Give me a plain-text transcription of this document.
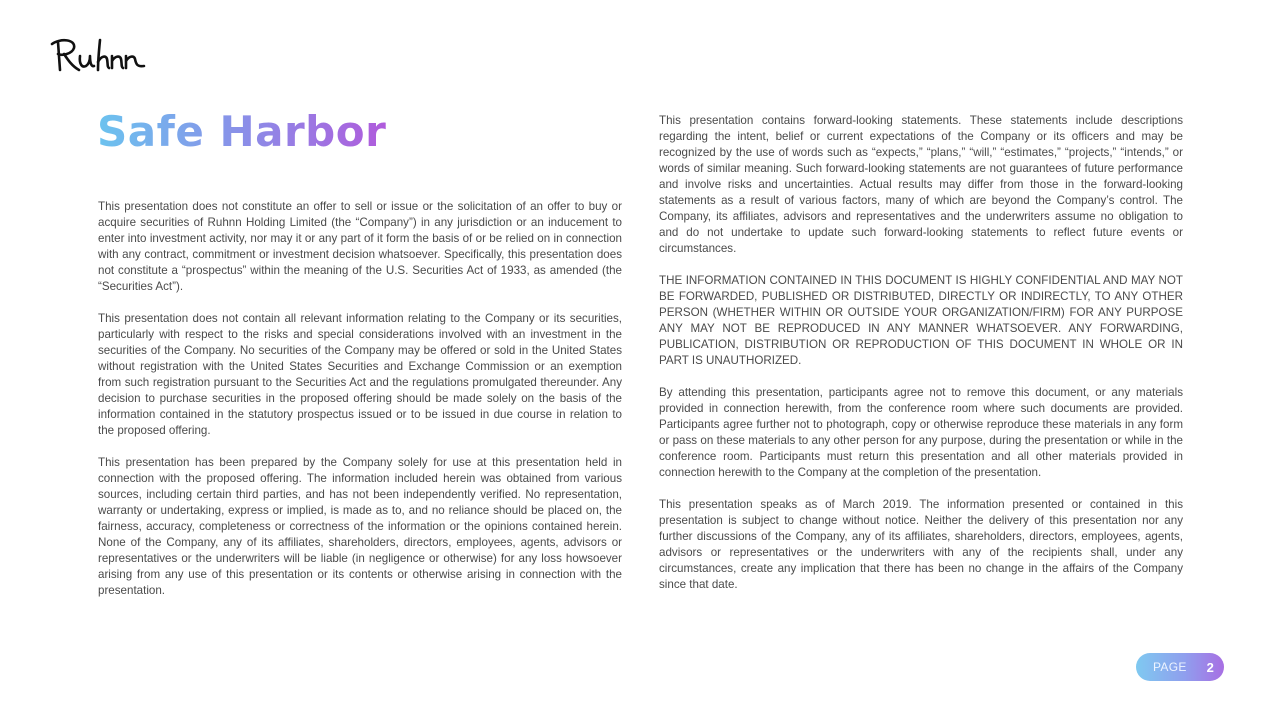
Safe Harbor

This presentation does not constitute an offer to sell or issue or the solicitation of an offer to buy or acquire securities of Ruhnn Holding Limited (the “Company”) in any jurisdiction or an inducement to enter into investment activity, nor may it or any part of it form the basis of or be relied on in connection with any contract, commitment or investment decision whatsoever. Specifically, this presentation does not constitute a “prospectus” within the meaning of the U.S. Securities Act of 1933, as amended (the “Securities Act”).

This presentation does not contain all relevant information relating to the Company or its securities, particularly with respect to the risks and special considerations involved with an investment in the securities of the Company. No securities of the Company may be offered or sold in the United States without registration with the United States Securities and Exchange Commission or an exemption from such registration pursuant to the Securities Act and the regulations promulgated thereunder. Any decision to purchase securities in the proposed offering should be made solely on the basis of the information contained in the statutory prospectus issued or to be issued in due course in relation to the proposed offering.

This presentation has been prepared by the Company solely for use at this presentation held in connection with the proposed offering. The information included herein was obtained from various sources, including certain third parties, and has not been independently verified. No representation, warranty or undertaking, express or implied, is made as to, and no reliance should be placed on, the fairness, accuracy, completeness or correctness of the information or the opinions contained herein. None of the Company, any of its affiliates, shareholders, directors, employees, agents, advisors or representatives or the underwriters will be liable (in negligence or otherwise) for any loss howsoever arising from any use of this presentation or its contents or otherwise arising in connection with the presentation.

This presentation contains forward-looking statements. These statements include descriptions regarding the intent, belief or current expectations of the Company or its officers and may be recognized by the use of words such as “expects,” “plans,” “will,” “estimates,” “projects,” “intends,” or words of similar meaning. Such forward-looking statements are not guarantees of future performance and involve risks and uncertainties. Actual results may differ from those in the forward-looking statements as a result of various factors, many of which are beyond the Company’s control. The Company, its affiliates, advisors and representatives and the underwriters assume no obligation to and do not undertake to update such forward-looking statements to reflect future events or circumstances.

THE INFORMATION CONTAINED IN THIS DOCUMENT IS HIGHLY CONFIDENTIAL AND MAY NOT BE FORWARDED, PUBLISHED OR DISTRIBUTED, DIRECTLY OR INDIRECTLY, TO ANY OTHER PERSON (WHETHER WITHIN OR OUTSIDE YOUR ORGANIZATION/FIRM) FOR ANY PURPOSE ANY MAY NOT BE REPRODUCED IN ANY MANNER WHATSOEVER. ANY FORWARDING, PUBLICATION, DISTRIBUTION OR REPRODUCTION OF THIS DOCUMENT IN WHOLE OR IN PART IS UNAUTHORIZED.

By attending this presentation, participants agree not to remove this document, or any materials provided in connection herewith, from the conference room where such documents are provided. Participants agree further not to photograph, copy or otherwise reproduce these materials in any form or pass on these materials to any other person for any purpose, during the presentation or while in the conference room. Participants must return this presentation and all other materials provided in connection herewith to the Company at the completion of the presentation.

This presentation speaks as of March 2019. The information presented or contained in this presentation is subject to change without notice. Neither the delivery of this presentation nor any further discussions of the Company, any of its affiliates, shareholders, directors, employees, agents, advisors or representatives or the underwriters with any of the recipients shall, under any circumstances, create any implication that there has been no change in the affairs of the Company since that date.

PAGE 2
